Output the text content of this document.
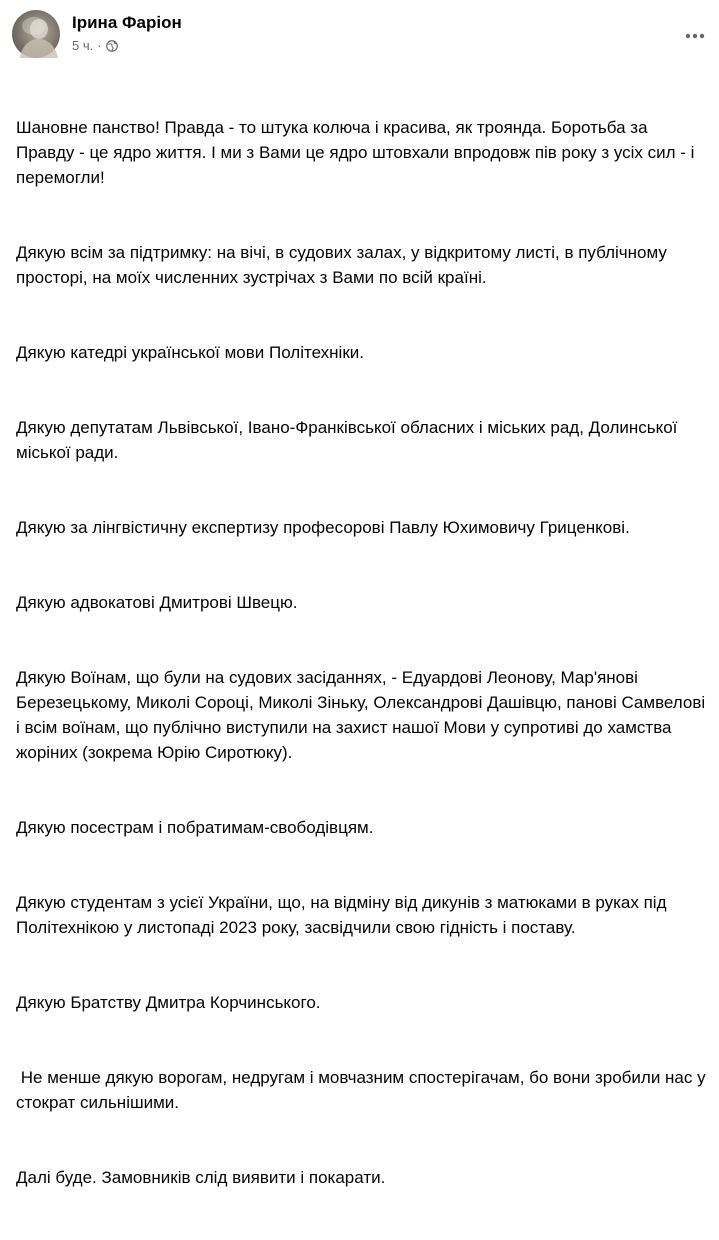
Ірина Фаріон
5 ч. ·

Шановне панство! Правда - то штука колюча і красива, як троянда. Боротьба за Правду - це ядро життя. І ми з Вами це ядро штовхали впродовж пів року з усіх сил - і перемогли!

Дякую всім за підтримку: на вічі, в судових залах, у відкритому листі, в публічному просторі, на моїх численних зустрічах з Вами по всій країні.

Дякую катедрі української мови Політехніки.

Дякую депутатам Львівської, Івано-Франківської обласних і міських рад, Долинської міської ради.

Дякую за лінгвістичну експертизу професорові Павлу Юхимовичу Гриценкові.

Дякую адвокатові Дмитрові Швецю.

Дякую Воїнам, що були на судових засіданнях, - Едуардові Леонову, Мар'янові Березецькому, Миколі Сороці, Миколі Зіньку, Олександрові Дашівцю, панові Самвелові і всім воїнам, що публічно виступили на захист нашої Мови у супротиві до хамства жоріних (зокрема Юрію Сиротюку).

Дякую посестрам і побратимам-свободівцям.

Дякую студентам з усієї України, що, на відміну від дикунів з матюками в руках під Політехнікою у листопаді 2023 року, засвідчили свою гідність і поставу.

Дякую Братству Дмитра Корчинського.

Не менше дякую ворогам, недругам і мовчазним спостерігачам, бо вони зробили нас у стократ сильнішими.

Далі буде. Замовників слід виявити і покарати.
